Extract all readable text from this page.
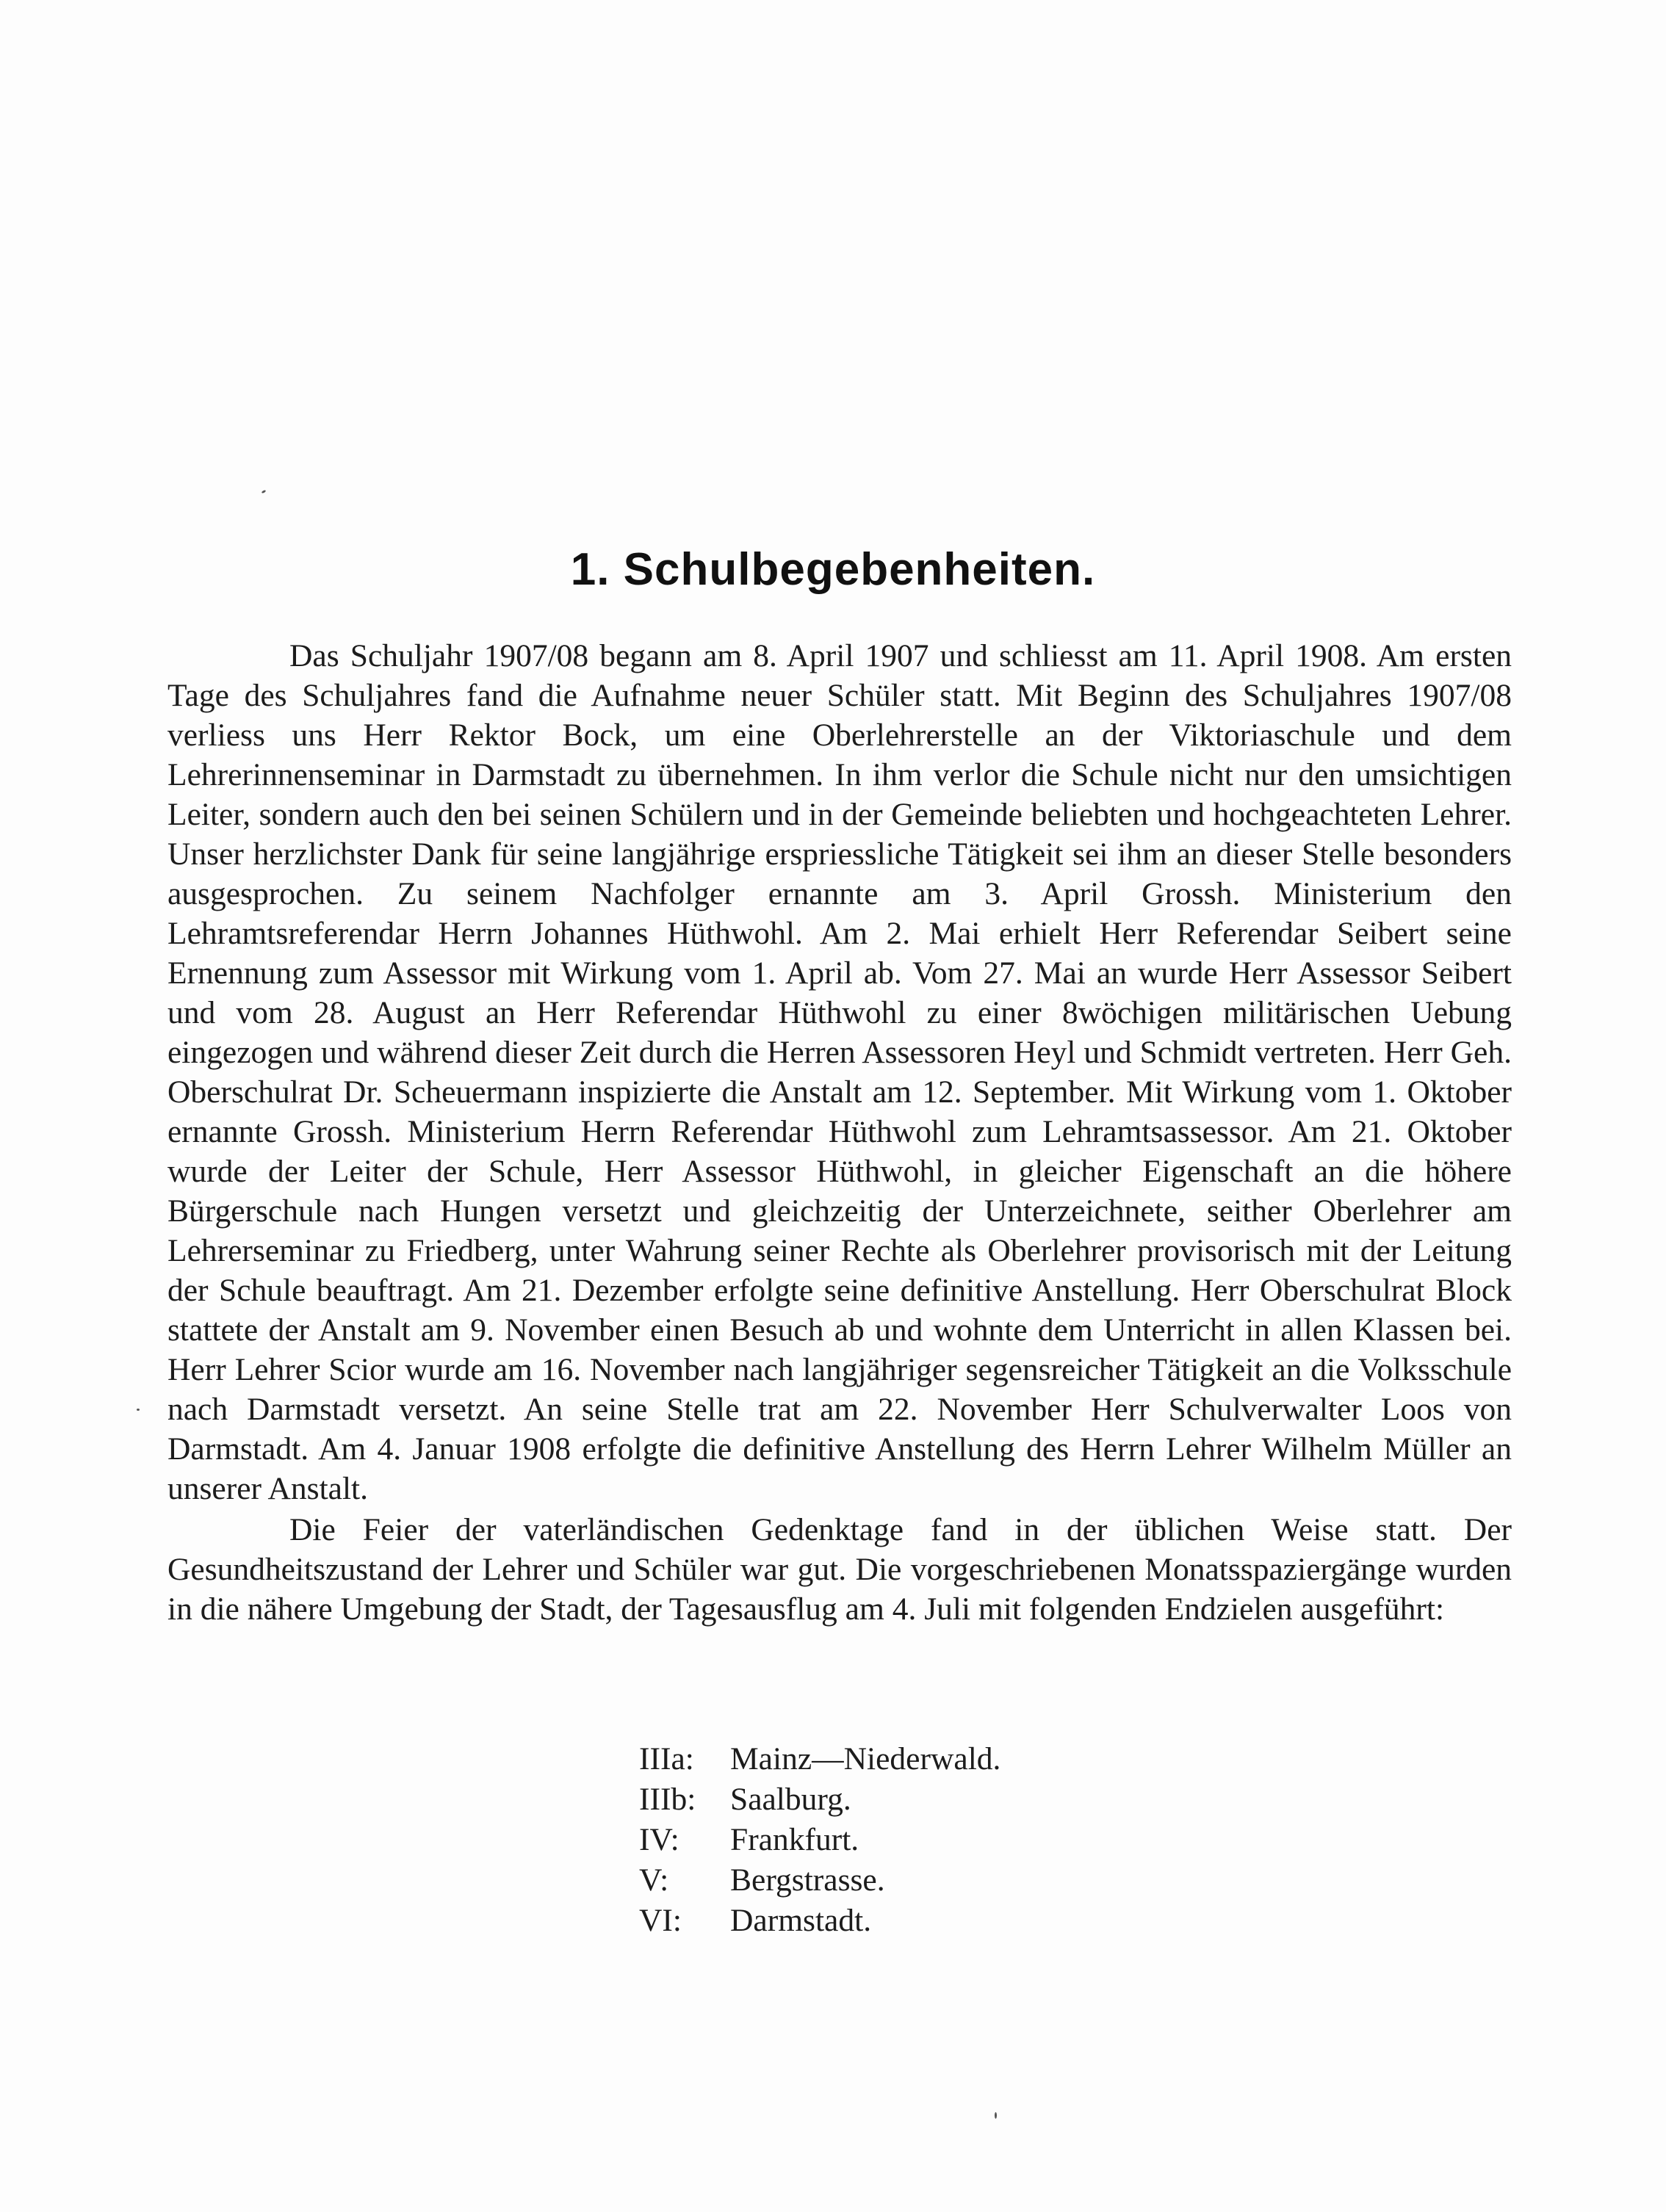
1. Schulbegebenheiten.

Das Schuljahr 1907/08 begann am 8. April 1907 und schliesst am 11. April 1908. Am ersten Tage des Schuljahres fand die Aufnahme neuer Schüler statt. Mit Beginn des Schuljahres 1907/08 verliess uns Herr Rektor Bock, um eine Oberlehrerstelle an der Viktoriaschule und dem Lehrerinnenseminar in Darmstadt zu übernehmen. In ihm verlor die Schule nicht nur den umsichtigen Leiter, sondern auch den bei seinen Schülern und in der Gemeinde beliebten und hochgeachteten Lehrer. Unser herzlichster Dank für seine langjährige erspriessliche Tätigkeit sei ihm an dieser Stelle besonders ausgesprochen. Zu seinem Nachfolger ernannte am 3. April Grossh. Ministerium den Lehramtsreferendar Herrn Johannes Hüthwohl. Am 2. Mai erhielt Herr Referendar Seibert seine Ernennung zum Assessor mit Wirkung vom 1. April ab. Vom 27. Mai an wurde Herr Assessor Seibert und vom 28. August an Herr Referendar Hüthwohl zu einer 8wöchigen militärischen Uebung eingezogen und während dieser Zeit durch die Herren Assessoren Heyl und Schmidt vertreten. Herr Geh. Oberschulrat Dr. Scheuermann inspizierte die Anstalt am 12. September. Mit Wirkung vom 1. Oktober ernannte Grossh. Ministerium Herrn Referendar Hüthwohl zum Lehramtsassessor. Am 21. Oktober wurde der Leiter der Schule, Herr Assessor Hüthwohl, in gleicher Eigenschaft an die höhere Bürgerschule nach Hungen versetzt und gleichzeitig der Unterzeichnete, seither Oberlehrer am Lehrerseminar zu Friedberg, unter Wahrung seiner Rechte als Oberlehrer provisorisch mit der Leitung der Schule beauftragt. Am 21. Dezember erfolgte seine definitive Anstellung. Herr Oberschulrat Block stattete der Anstalt am 9. November einen Besuch ab und wohnte dem Unterricht in allen Klassen bei. Herr Lehrer Scior wurde am 16. November nach langjähriger segensreicher Tätigkeit an die Volksschule nach Darmstadt versetzt. An seine Stelle trat am 22. November Herr Schulverwalter Loos von Darmstadt. Am 4. Januar 1908 erfolgte die definitive Anstellung des Herrn Lehrer Wilhelm Müller an unserer Anstalt.

Die Feier der vaterländischen Gedenktage fand in der üblichen Weise statt. Der Gesundheitszustand der Lehrer und Schüler war gut. Die vorgeschriebenen Monatsspaziergänge wurden in die nähere Umgebung der Stadt, der Tagesausflug am 4. Juli mit folgenden Endzielen ausgeführt:

IIIa:	Mainz—Niederwald.
IIIb:	Saalburg.
IV:	Frankfurt.
V:	Bergstrasse.
VI:	Darmstadt.
